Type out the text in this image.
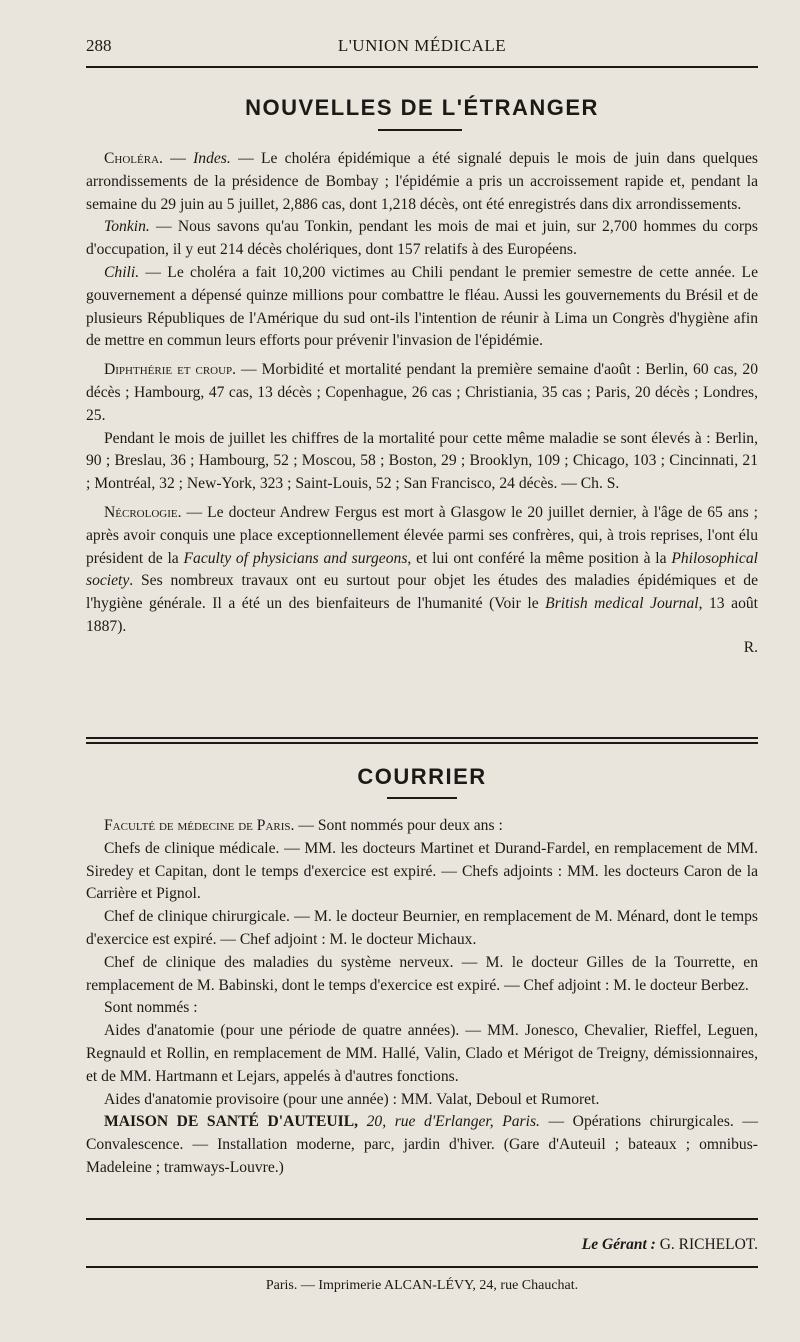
288	L'UNION MÉDICALE
NOUVELLES DE L'ÉTRANGER

Choléra. — Indes. — Le choléra épidémique a été signalé depuis le mois de juin dans quelques arrondissements de la présidence de Bombay ; l'épidémie a pris un accroissement rapide et, pendant la semaine du 29 juin au 5 juillet, 2,886 cas, dont 1,218 décès, ont été enregistrés dans dix arrondissements.

Tonkin. — Nous savons qu'au Tonkin, pendant les mois de mai et juin, sur 2,700 hommes du corps d'occupation, il y eut 214 décès cholériques, dont 157 relatifs à des Européens.

Chili. — Le choléra a fait 10,200 victimes au Chili pendant le premier semestre de cette année. Le gouvernement a dépensé quinze millions pour combattre le fléau. Aussi les gouvernements du Brésil et de plusieurs Républiques de l'Amérique du sud ont-ils l'intention de réunir à Lima un Congrès d'hygiène afin de mettre en commun leurs efforts pour prévenir l'invasion de l'épidémie.

Diphthérie et croup. — Morbidité et mortalité pendant la première semaine d'août : Berlin, 60 cas, 20 décès ; Hambourg, 47 cas, 13 décès ; Copenhague, 26 cas ; Christiania, 35 cas ; Paris, 20 décès ; Londres, 25.

Pendant le mois de juillet les chiffres de la mortalité pour cette même maladie se sont élevés à : Berlin, 90 ; Breslau, 36 ; Hambourg, 52 ; Moscou, 58 ; Boston, 29 ; Brooklyn, 109 ; Chicago, 103 ; Cincinnati, 21 ; Montréal, 32 ; New-York, 323 ; Saint-Louis, 52 ; San Francisco, 24 décès. — Ch. S.

Nécrologie. — Le docteur Andrew Fergus est mort à Glasgow le 20 juillet dernier, à l'âge de 65 ans ; après avoir conquis une place exceptionnellement élevée parmi ses confrères, qui, à trois reprises, l'ont élu président de la Faculty of physicians and surgeons, et lui ont conféré la même position à la Philosophical society. Ses nombreux travaux ont eu surtout pour objet les études des maladies épidémiques et de l'hygiène générale. Il a été un des bienfaiteurs de l'humanité (Voir le British medical Journal, 13 août 1887).

R.
COURRIER

Faculté de médecine de Paris. — Sont nommés pour deux ans :

Chefs de clinique médicale. — MM. les docteurs Martinet et Durand-Fardel, en remplacement de MM. Siredey et Capitan, dont le temps d'exercice est expiré. — Chefs adjoints : MM. les docteurs Caron de la Carrière et Pignol.

Chef de clinique chirurgicale. — M. le docteur Beurnier, en remplacement de M. Ménard, dont le temps d'exercice est expiré. — Chef adjoint : M. le docteur Michaux.

Chef de clinique des maladies du système nerveux. — M. le docteur Gilles de la Tourrette, en remplacement de M. Babinski, dont le temps d'exercice est expiré. — Chef adjoint : M. le docteur Berbez.

Sont nommés :

Aides d'anatomie (pour une période de quatre années). — MM. Jonesco, Chevalier, Rieffel, Leguen, Regnauld et Rollin, en remplacement de MM. Hallé, Valin, Clado et Mérigot de Treigny, démissionnaires, et de MM. Hartmann et Lejars, appelés à d'autres fonctions.

Aides d'anatomie provisoire (pour une année) : MM. Valat, Deboul et Rumoret.

MAISON DE SANTÉ D'AUTEUIL, 20, rue d'Erlanger, Paris. — Opérations chirurgicales. — Convalescence. — Installation moderne, parc, jardin d'hiver. (Gare d'Auteuil ; bateaux ; omnibus-Madeleine ; tramways-Louvre.)

Le Gérant : G. RICHELOT.
Paris. — Imprimerie ALCAN-LÉVY, 24, rue Chauchat.
